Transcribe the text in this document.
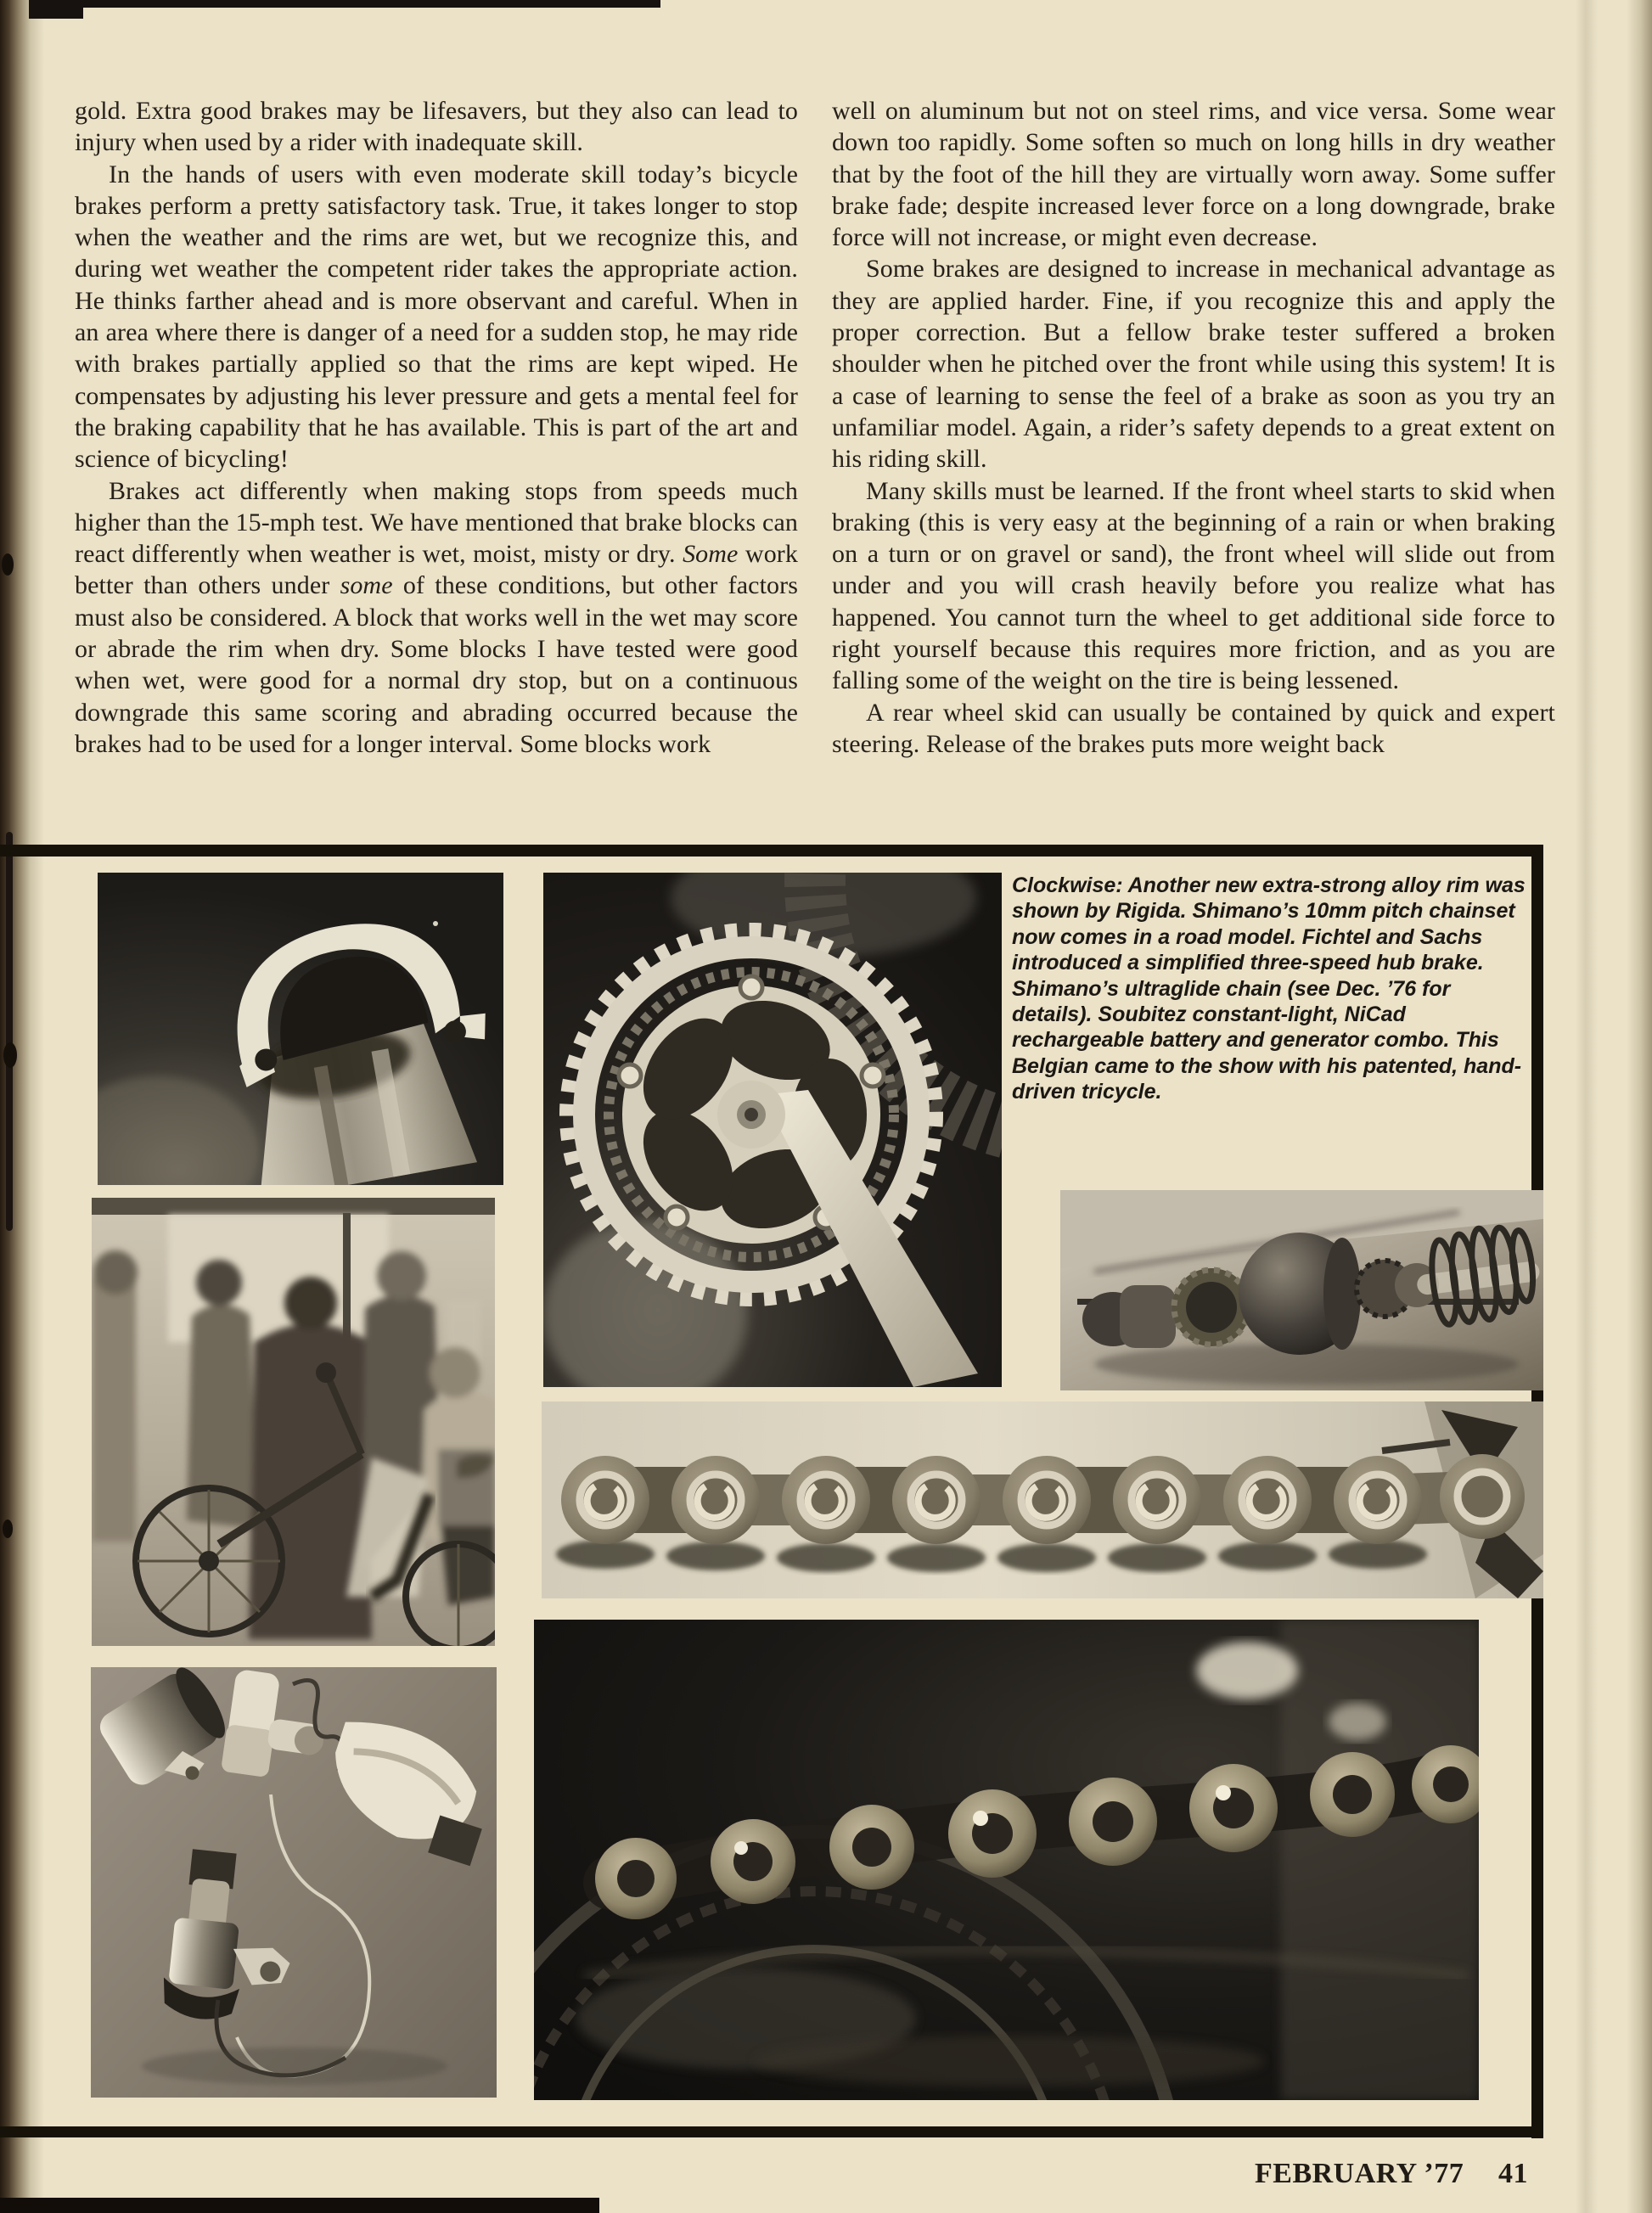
gold. Extra good brakes may be lifesavers, but they also can lead to injury when used by a rider with inadequate skill.

In the hands of users with even moderate skill today’s bicycle brakes perform a pretty satisfactory task. True, it takes longer to stop when the weather and the rims are wet, but we recognize this, and during wet weather the competent rider takes the appropriate action. He thinks farther ahead and is more observant and careful. When in an area where there is danger of a need for a sudden stop, he may ride with brakes partially applied so that the rims are kept wiped. He compensates by adjusting his lever pressure and gets a mental feel for the braking capability that he has available. This is part of the art and science of bicycling!

Brakes act differently when making stops from speeds much higher than the 15-mph test. We have mentioned that brake blocks can react differently when weather is wet, moist, misty or dry. Some work better than others under some of these conditions, but other factors must also be considered. A block that works well in the wet may score or abrade the rim when dry. Some blocks I have tested were good when wet, were good for a normal dry stop, but on a continuous downgrade this same scoring and abrading occurred because the brakes had to be used for a longer interval. Some blocks work

well on aluminum but not on steel rims, and vice versa. Some wear down too rapidly. Some soften so much on long hills in dry weather that by the foot of the hill they are virtually worn away. Some suffer brake fade; despite increased lever force on a long downgrade, brake force will not increase, or might even decrease.

Some brakes are designed to increase in mechanical advantage as they are applied harder. Fine, if you recognize this and apply the proper correction. But a fellow brake tester suffered a broken shoulder when he pitched over the front while using this system! It is a case of learning to sense the feel of a brake as soon as you try an unfamiliar model. Again, a rider’s safety depends to a great extent on his riding skill.

Many skills must be learned. If the front wheel starts to skid when braking (this is very easy at the beginning of a rain or when braking on a turn or on gravel or sand), the front wheel will slide out from under and you will crash heavily before you realize what has happened. You cannot turn the wheel to get additional side force to right yourself because this requires more friction, and as you are falling some of the weight on the tire is being lessened.

A rear wheel skid can usually be contained by quick and expert steering. Release of the brakes puts more weight back

Clockwise: Another new extra-strong alloy rim was shown by Rigida. Shimano’s 10mm pitch chainset now comes in a road model. Fichtel and Sachs introduced a simplified three-speed hub brake. Shimano’s ultraglide chain (see Dec. ’76 for details). Soubitez constant-light, NiCad rechargeable battery and generator combo. This Belgian came to the show with his patented, hand-driven tricycle.
FEBRUARY ’77 41
